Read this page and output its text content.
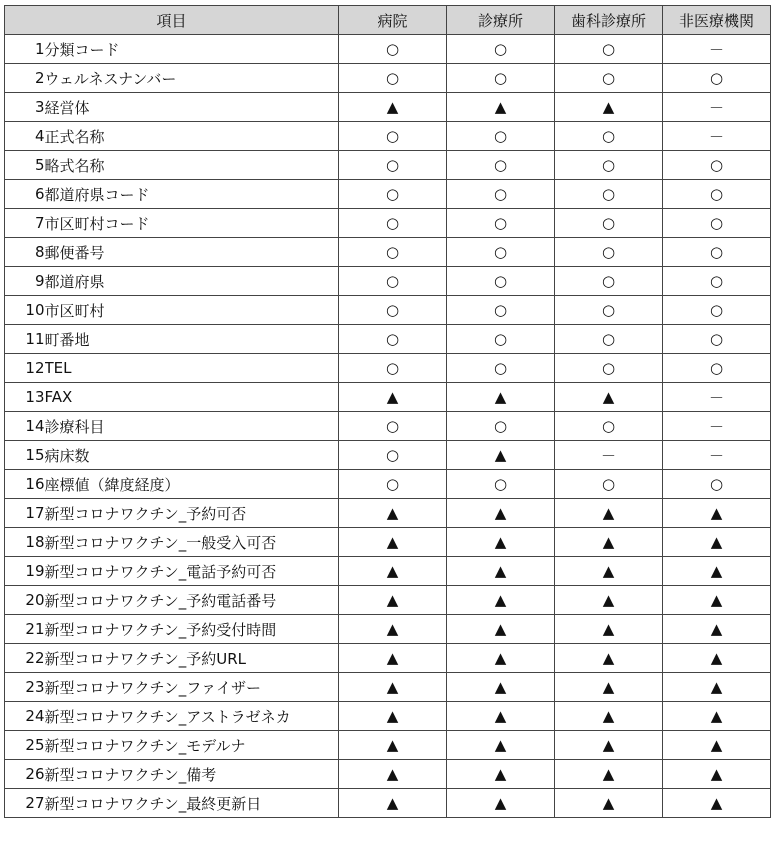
項目		病院	診療所	歯科診療所	非医療機関
1	分類コード	○	○	○	－
2	ウェルネスナンバー	○	○	○	○
3	経営体	▲	▲	▲	－
4	正式名称	○	○	○	－
5	略式名称	○	○	○	○
6	都道府県コード	○	○	○	○
7	市区町村コード	○	○	○	○
8	郵便番号	○	○	○	○
9	都道府県	○	○	○	○
10	市区町村	○	○	○	○
11	町番地	○	○	○	○
12	TEL	○	○	○	○
13	FAX	▲	▲	▲	－
14	診療科目	○	○	○	－
15	病床数	○	▲	－	－
16	座標値（緯度経度）	○	○	○	○
17	新型コロナワクチン_予約可否	▲	▲	▲	▲
18	新型コロナワクチン_一般受入可否	▲	▲	▲	▲
19	新型コロナワクチン_電話予約可否	▲	▲	▲	▲
20	新型コロナワクチン_予約電話番号	▲	▲	▲	▲
21	新型コロナワクチン_予約受付時間	▲	▲	▲	▲
22	新型コロナワクチン_予約URL	▲	▲	▲	▲
23	新型コロナワクチン_ファイザー	▲	▲	▲	▲
24	新型コロナワクチン_アストラゼネカ	▲	▲	▲	▲
25	新型コロナワクチン_モデルナ	▲	▲	▲	▲
26	新型コロナワクチン_備考	▲	▲	▲	▲
27	新型コロナワクチン_最終更新日	▲	▲	▲	▲
